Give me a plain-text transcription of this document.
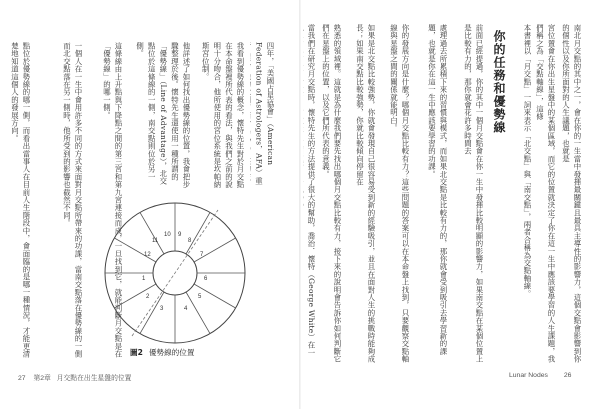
四年，「美國占星協會」（American Federation of Astrologers，AFA）重
我看到優勢線的概念，懷特先生對於月交點在本命盤裡所代表的看法，與我們之前的說明十分吻合，他所使用的宮位系統是坎帕納斯宮位制。
他詳述了如何找出優勢線的位置，我會把步驟整理於後。懷特先生還使用一種所謂的「優勢線」（Line of Advantage），北交點位於這條線的一側，南交點則位於另一側。
這條線由上升點與下降點之間的第三宮和第九宮連接而成，一旦找到它，就能判斷月交點是在「優勢線」的哪一側。
一個人在一生中會用許多不同的方式來面對月交點所帶來的功課，當南交點落在優勢線的一側而北交點落在另一側時，他所受到的影響也截然不同。
點位於優勢線的哪一側，而看出當事人在目前人生階段中，會面臨的是哪一種情況，才能更清楚地知道這個人的發展方向。
12
1
2
3	4
5
6
7
8
9
10
11
圖2 優勢線的位置
27 第2章 月交點在出生星盤的位置
南北月交點的其中之一，會在你的一生當中發揮最關鍵且最具主導性的影響力，這個交點會影響到你的個性以及你所面對的人生議題，也就是
宮位置會在你出生星盤中的某個區域，而它的位置就決定了你在這一生中應該要學習的人生課題，我們稱之為「交點軸線」，這條
本書裡以「月交點」一詞來表示「北交點」與「南交點」，兩者合稱為交點軸線。
你的任務和優勢線
前面已經提過，你的其中一個月交點會在你一生中發揮比較明顯的影響力，如果南交點在某個位置上是比較有力的，那你就會花許多時間去
處理過去所累積下來的習慣與模式，而如果北交點是比較有力的，那你就會受到吸引去學習新的課題，也就是你在這一生中應該要學習的功課。
你的發展方向是什麼？哪個月交點比較有力？這些問題的答案可以在本命盤上找到，只要觀察交點軸線與星盤之間的關係就能明白。
如果是北交點比較強勢，你就會發現自己很容易受到新的經驗吸引，並且在面對人生的挑戰時能夠成長；如果南交點比較強勢，你就比較傾向停留在
熟悉的領域裡。這就是為什麼我們要先找出哪個月交點比較有力，接下來的說明會告訴你如何判斷它們在星盤上的位置，以及它們所代表的意義。
當我們在研究月交點時，懷特先生的方法提供了很大的幫助，喬治．懷特（George White）在一
Lunar Nodes 26
